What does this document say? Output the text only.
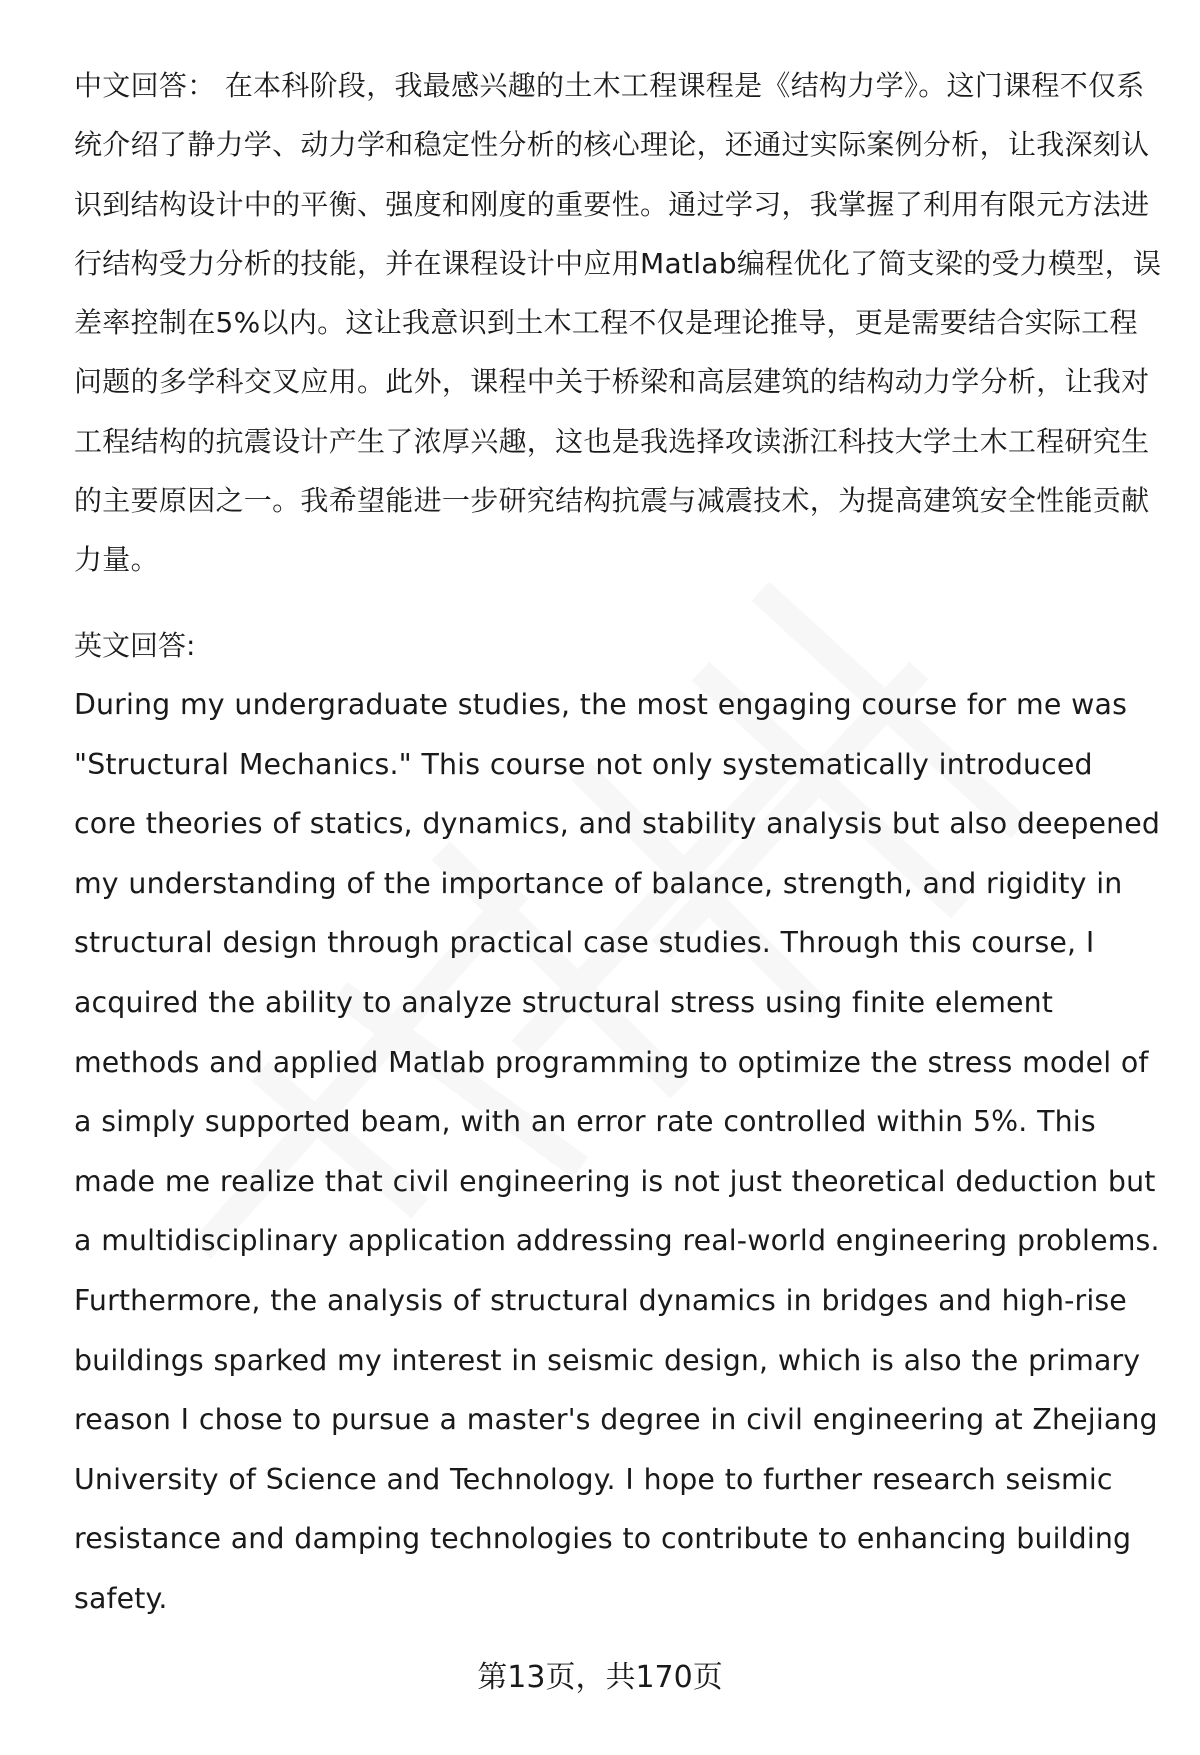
中文回答： 在本科阶段，我最感兴趣的土木工程课程是《结构力学》。这门课程不仅系统介绍了静力学、动力学和稳定性分析的核心理论，还通过实际案例分析，让我深刻认识到结构设计中的平衡、强度和刚度的重要性。通过学习，我掌握了利用有限元方法进行结构受力分析的技能，并在课程设计中应用Matlab编程优化了简支梁的受力模型，误差率控制在5%以内。这让我意识到土木工程不仅是理论推导，更是需要结合实际工程问题的多学科交叉应用。此外，课程中关于桥梁和高层建筑的结构动力学分析，让我对工程结构的抗震设计产生了浓厚兴趣，这也是我选择攻读浙江科技大学土木工程研究生的主要原因之一。我希望能进一步研究结构抗震与减震技术，为提高建筑安全性能贡献力量。

英文回答:

During my undergraduate studies, the most engaging course for me was "Structural Mechanics." This course not only systematically introduced core theories of statics, dynamics, and stability analysis but also deepened my understanding of the importance of balance, strength, and rigidity in structural design through practical case studies. Through this course, I acquired the ability to analyze structural stress using finite element methods and applied Matlab programming to optimize the stress model of a simply supported beam, with an error rate controlled within 5%. This made me realize that civil engineering is not just theoretical deduction but a multidisciplinary application addressing real-world engineering problems. Furthermore, the analysis of structural dynamics in bridges and high-rise buildings sparked my interest in seismic design, which is also the primary reason I chose to pursue a master's degree in civil engineering at Zhejiang University of Science and Technology. I hope to further research seismic resistance and damping technologies to contribute to enhancing building safety.

第13页，共170页
